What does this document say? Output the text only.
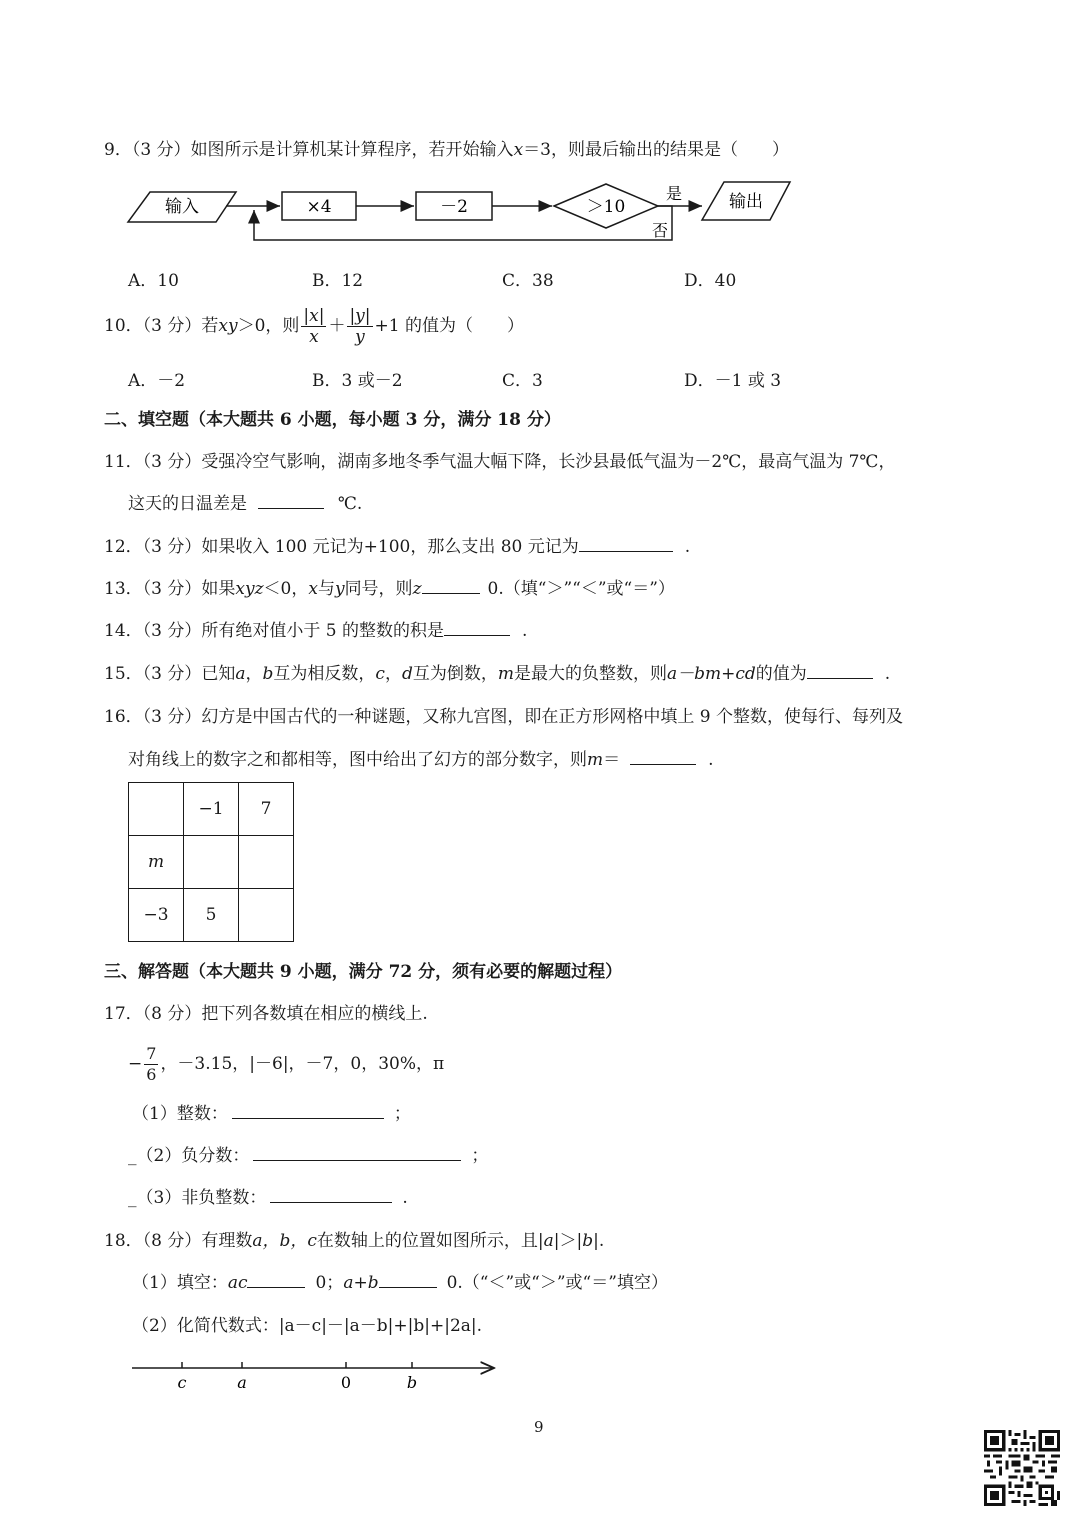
9．（3 分）如图所示是计算机某计算程序，若开始输入x＝3，则最后输出的结果是（　　）
输入	×4	－2	＞10
是
否
输出
A．10	B．12	C．38	D．40
10．（3 分）若xy＞0，则 $\frac{|x|}{x} + \frac{|y|}{y} +1$ 的值为（　　）
A．－2	B．3 或－2	C．3	D．－1 或 3
二、填空题（本大题共 6 小题，每小题 3 分，满分 18 分）
11．（3 分）受强冷空气影响，湖南多地冬季气温大幅下降，长沙县最低气温为－2℃，最高气温为 7℃，
这天的日温差是	℃.
12．（3 分）如果收入 100 元记为+100，那么支出 80 元记为	.
13．（3 分）如果xyz＜0，x与y同号，则z	0.（填“＞”“＜”或“＝”）
14．（3 分）所有绝对值小于 5 的整数的积是	.
15．（3 分）已知a，b互为相反数，c，d互为倒数，m是最大的负整数，则a－bm+cd的值为	.
16．（3 分）幻方是中国古代的一种谜题，又称九宫图，即在正方形网格中填上 9 个整数，使每行、每列及
对角线上的数字之和都相等，图中给出了幻方的部分数字，则m＝	.
	−1	7
m		
−3	5	
三、解答题（本大题共 9 小题，满分 72 分，须有必要的解题过程）
17．（8 分）把下列各数填在相应的横线上.
− $\frac{7}{6}$ ，－3.15，|－6|，－7，0，30%，π
（1）整数：	；
_（2）负分数：	；
_（3）非负整数：	.
18．（8 分）有理数a，b，c在数轴上的位置如图所示，且|a|＞|b|.
（1）填空：ac	0；a+b	0.（“＜”或“＞”或“＝”填空）
（2）化简代数式：|a－c|－|a－b|+|b|+|2a|.
c	a	0	b
9
